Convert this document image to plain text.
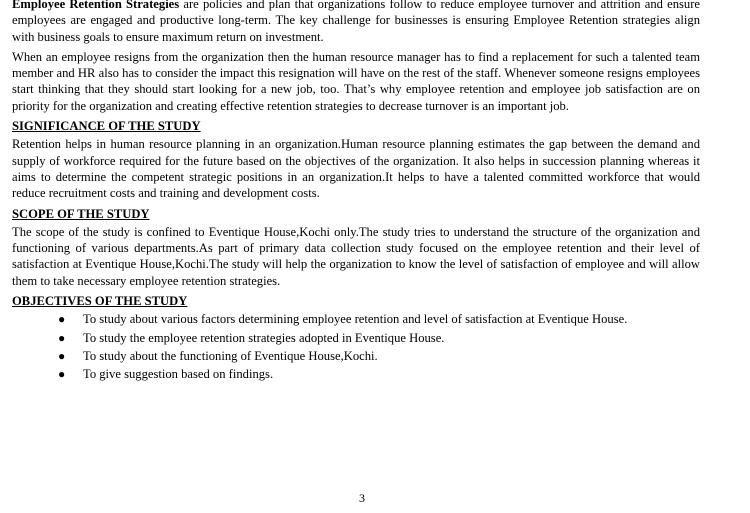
Employee Retention Strategies are policies and plan that organizations follow to reduce employee turnover and attrition and ensure employees are engaged and productive long-term. The key challenge for businesses is ensuring Employee Retention strategies align with business goals to ensure maximum return on investment.

When an employee resigns from the organization then the human resource manager has to find a replacement for such a talented team member and HR also has to consider the impact this resignation will have on the rest of the staff. Whenever someone resigns employees start thinking that they should start looking for a new job, too. That’s why employee retention and employee job satisfaction are on priority for the organization and creating effective retention strategies to decrease turnover is an important job.

SIGNIFICANCE OF THE STUDY

Retention helps in human resource planning in an organization.Human resource planning estimates the gap between the demand and supply of workforce required for the future based on the objectives of the organization. It also helps in succession planning whereas it aims to determine the competent strategic positions in an organization.It helps to have a talented committed workforce that would reduce recruitment costs and training and development costs.

SCOPE OF THE STUDY

The scope of the study is confined to Eventique House,Kochi only.The study tries to understand the structure of the organization and functioning of various departments.As part of primary data collection study focused on the employee retention and their level of satisfaction at Eventique House,Kochi.The study will help the organization to know the level of satisfaction of employee and will allow them to take necessary employee retention strategies.

OBJECTIVES OF THE STUDY
● To study about various factors determining employee retention and level of satisfaction at Eventique House.
● To study the employee retention strategies adopted in Eventique House.
● To study about the functioning of Eventique House,Kochi.
● To give suggestion based on findings.
3
